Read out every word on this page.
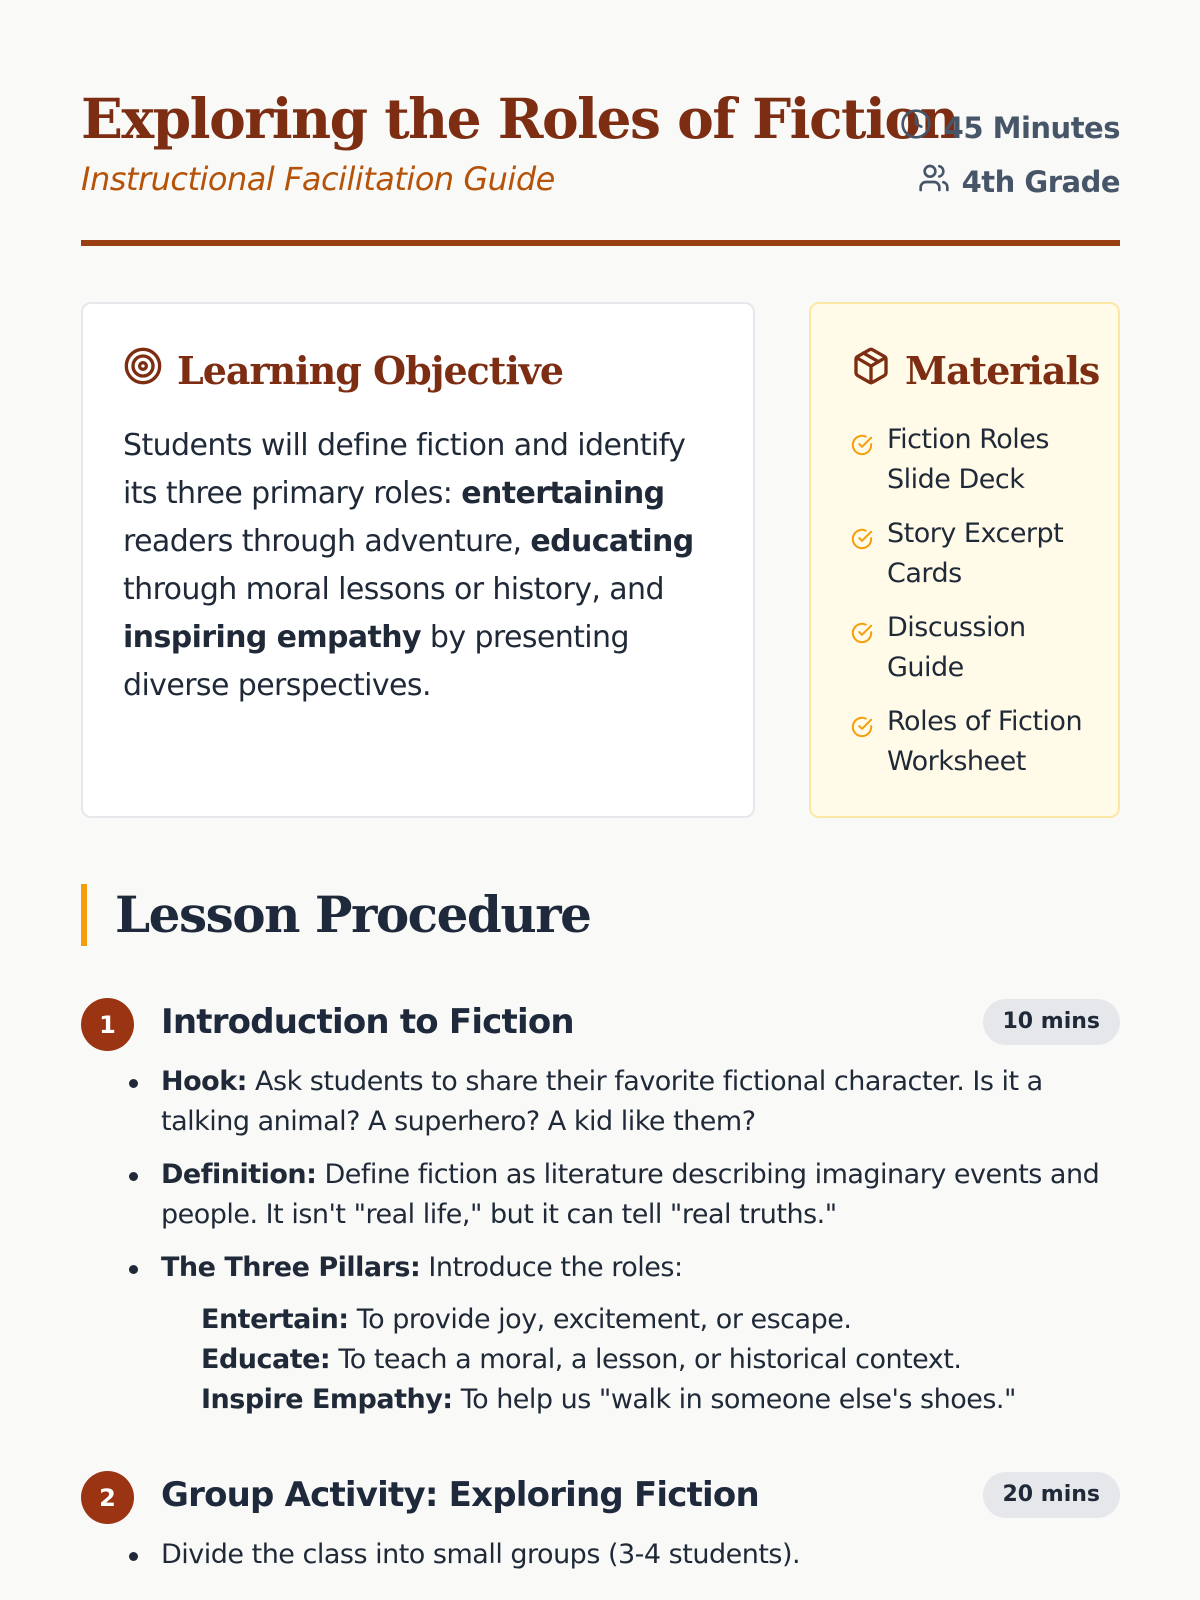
Exploring the Roles of Fiction
Instructional Facilitation Guide
45 Minutes
4th Grade
Learning Objective

Students will define fiction and identify its three primary roles: entertaining readers through adventure, educating through moral lessons or history, and inspiring empathy by presenting diverse perspectives.

Materials
Fiction Roles Slide Deck
Story Excerpt Cards
Discussion Guide
Roles of Fiction Worksheet
Lesson Procedure
1	Introduction to Fiction	10 mins
Hook: Ask students to share their favorite fictional character. Is it a talking animal? A superhero? A kid like them?
Definition: Define fiction as literature describing imaginary events and people. It isn't "real life," but it can tell "real truths."
The Three Pillars: Introduce the roles:
Entertain: To provide joy, excitement, or escape.
Educate: To teach a moral, a lesson, or historical context.
Inspire Empathy: To help us "walk in someone else's shoes."
2	Group Activity: Exploring Fiction	20 mins
Divide the class into small groups (3-4 students).
